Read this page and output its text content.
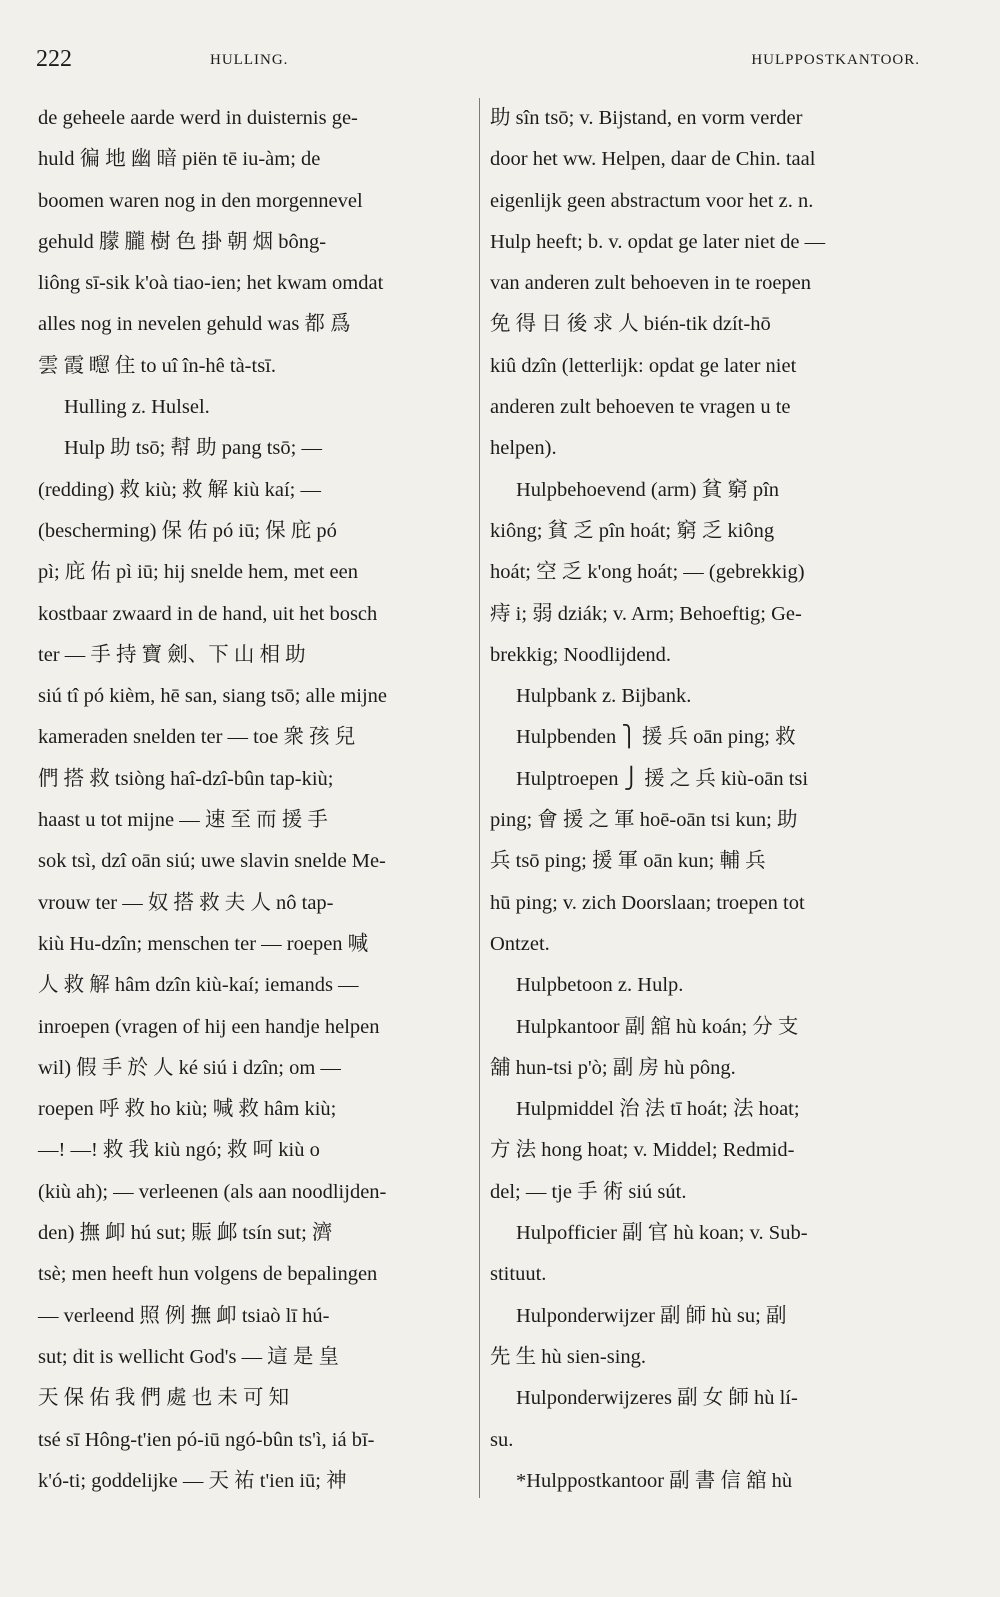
222	HULLING.	HULPPOSTKANTOOR.
de geheele aarde werd in duisternis ge-
huld 徧 地 幽 暗 piën tē iu-àm; de
boomen waren nog in den morgennevel
gehuld 朦 朧 樹 色 掛 朝 烟 bông-
liông sī-sik k'oà tiao-ien; het kwam omdat
alles nog in nevelen gehuld was 都 爲
雲 霞 𥌐 住 to uî în-hê tà-tsī.
Hulling z. Hulsel.
Hulp 助 tsō; 幇 助 pang tsō; —
(redding) 救 kiù; 救 解 kiù kaí; —
(bescherming) 保 佑 pó iū; 保 庇 pó
pì; 庇 佑 pì iū; hij snelde hem, met een
kostbaar zwaard in de hand, uit het bosch
ter — 手 持 寶 劍、下 山 相 助
siú tî pó kièm, hē san, siang tsō; alle mijne
kameraden snelden ter — toe 衆 孩 兒
們 搭 救 tsiòng haî-dzî-bûn tap-kiù;
haast u tot mijne — 速 至 而 援 手
sok tsì, dzî oān siú; uwe slavin snelde Me-
vrouw ter — 奴 搭 救 夫 人 nô tap-
kiù Hu-dzîn; menschen ter — roepen 喊
人 救 解 hâm dzîn kiù-kaí; iemands —
inroepen (vragen of hij een handje helpen
wil) 假 手 於 人 ké siú i dzîn; om —
roepen 呼 救 ho kiù; 喊 救 hâm kiù;
—! —! 救 我 kiù ngó; 救 呵 kiù o
(kiù ah); — verleenen (als aan noodlijden-
den) 撫 卹 hú sut; 賑 䘏 tsín sut; 濟
tsè; men heeft hun volgens de bepalingen
— verleend 照 例 撫 卹 tsiaò lī hú-
sut; dit is wellicht God's — 這 是 皇
天 保 佑 我 們 處 也 未 可 知
tsé sī Hông-t'ien pó-iū ngó-bûn ts'ì, iá bī-
k'ó-ti; goddelijke — 天 祐 t'ien iū; 神
助 sîn tsō; v. Bijstand, en vorm verder
door het ww. Helpen, daar de Chin. taal
eigenlijk geen abstractum voor het z. n.
Hulp heeft; b. v. opdat ge later niet de —
van anderen zult behoeven in te roepen
免 得 日 後 求 人 bién-tik dzít-hō
kiû dzîn (letterlijk: opdat ge later niet
anderen zult behoeven te vragen u te
helpen).
Hulpbehoevend (arm) 貧 窮 pîn
kiông; 貧 乏 pîn hoát; 窮 乏 kiông
hoát; 空 乏 k'ong hoát; — (gebrekkig)
痔 i; 弱 dziák; v. Arm; Behoeftig; Ge-
brekkig; Noodlijdend.
Hulpbank z. Bijbank.
Hulpbenden ⎫ 援 兵 oān ping; 救
Hulptroepen ⎭ 援 之 兵 kiù-oān tsi
ping; 會 援 之 軍 hoē-oān tsi kun; 助
兵 tsō ping; 援 軍 oān kun; 輔 兵
hū ping; v. zich Doorslaan; troepen tot
Ontzet.
Hulpbetoon z. Hulp.
Hulpkantoor 副 舘 hù koán; 分 支
舖 hun-tsi p'ò; 副 房 hù pông.
Hulpmiddel 治 法 tī hoát; 法 hoat;
方 法 hong hoat; v. Middel; Redmid-
del; — tje 手 術 siú sút.
Hulpofficier 副 官 hù koan; v. Sub-
stituut.
Hulponderwijzer 副 師 hù su; 副
先 生 hù sien-sing.
Hulponderwijzeres 副 女 師 hù lí-
su.
*Hulppostkantoor 副 書 信 舘 hù
